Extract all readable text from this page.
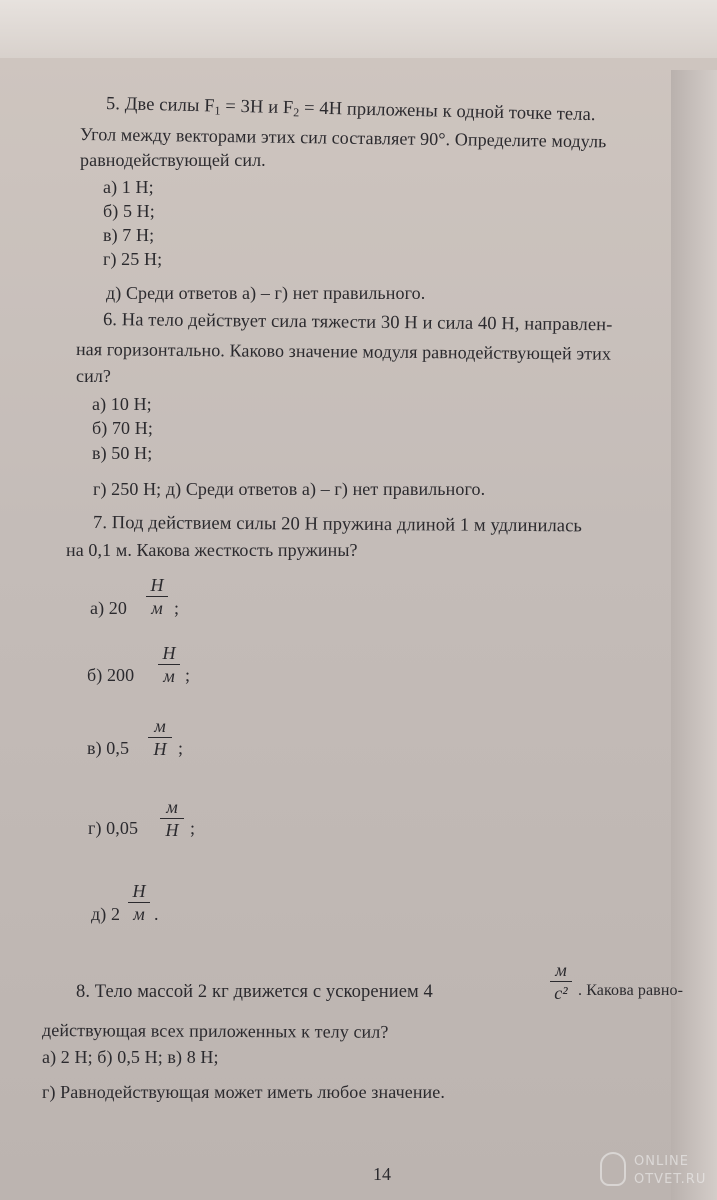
5. Две силы $F_1 = 3Н$ и $F_2 = 4Н$ приложены к одной точке тела.
Угол между векторами этих сил составляет 90°. Определите модуль
равнодействующей сил.
а) 1 Н;
б) 5 Н;
в) 7 Н;
г) 25 Н;
д) Среди ответов а) – г) нет правильного.
6. На тело действует сила тяжести 30 Н и сила 40 Н, направлен-
ная горизонтально. Каково значение модуля равнодействующей этих
сил?
а) 10 Н;
б) 70 Н;
в) 50 Н;
г) 250 Н; д) Среди ответов а) – г) нет правильного.
7. Под действием силы 20 Н пружина длиной 1 м удлинилась
на 0,1 м. Какова жесткость пружины?
а) 20
Н
м ;
б) 200
Н
м ;
в) 0,5
м
Н ;
г) 0,05
м
Н ;
д) 2
Н
м .
8. Тело массой 2 кг движется с ускорением 4
м
с² . Какова равно-
действующая всех приложенных к телу сил?
а) 2 Н; б) 0,5 Н; в) 8 Н;
г) Равнодействующая может иметь любое значение.
14
ONLINE
OTVET.RU
